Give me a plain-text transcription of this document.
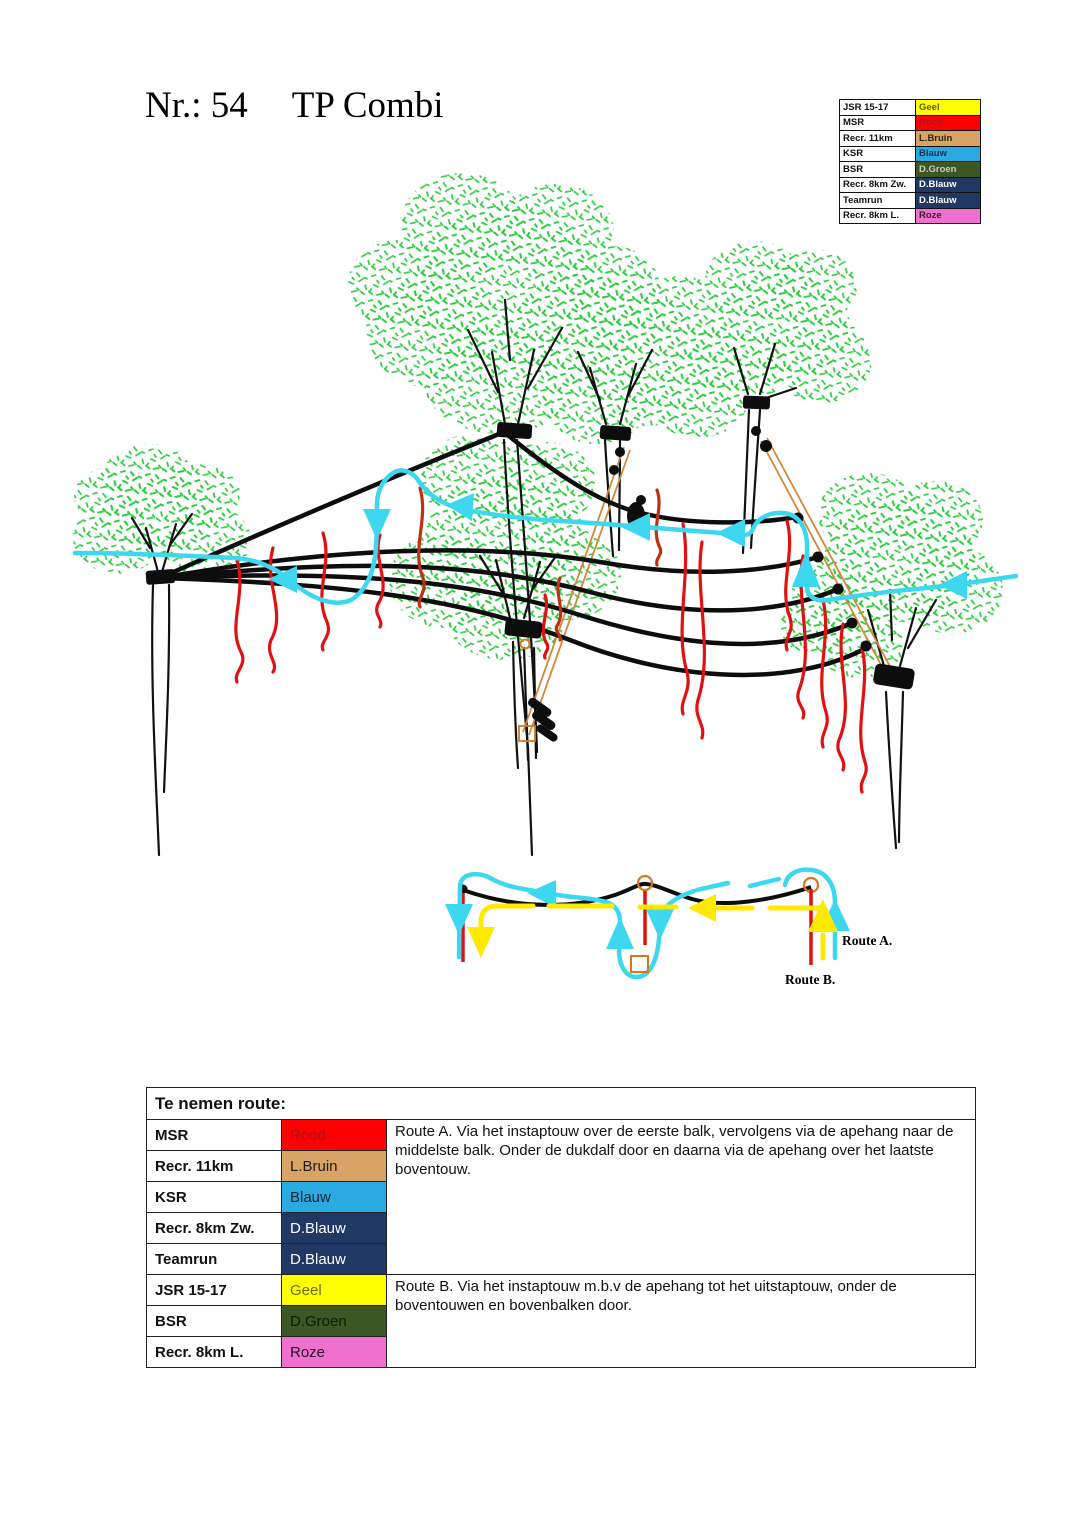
Nr.: 54 TP Combi	JSR 15-17	Geel
MSR	Rood
Recr. 11km	L.Bruin
KSR	Blauw
BSR	D.Groen
Recr. 8km Zw.	D.Blauw
Teamrun	D.Blauw
Recr. 8km L.	Roze
Route A.
Route B.
Te nemen route:		
MSR	Rood	Route A. Via het instaptouw over de eerste balk, vervolgens via de apehang naar de middelste balk. Onder de dukdalf door en daarna via de apehang over het laatste boventouw.
Recr. 11km	L.Bruin	
KSR	Blauw	
Recr. 8km Zw.	D.Blauw	
Teamrun	D.Blauw	
JSR 15-17	Geel	Route B. Via het instaptouw m.b.v de apehang tot het uitstaptouw, onder de boventouwen en bovenbalken door.
BSR	D.Groen	
Recr. 8km L.	Roze	
